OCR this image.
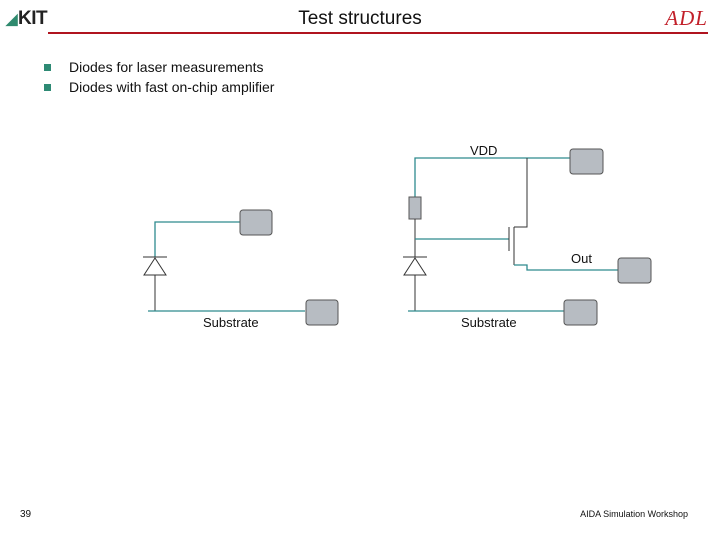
◢KIT	Test structures	ADL
Diodes for laser measurements
Diodes with fast on-chip amplifier
Substrate
VDD
Out
Substrate
39	AIDA Simulation Workshop
